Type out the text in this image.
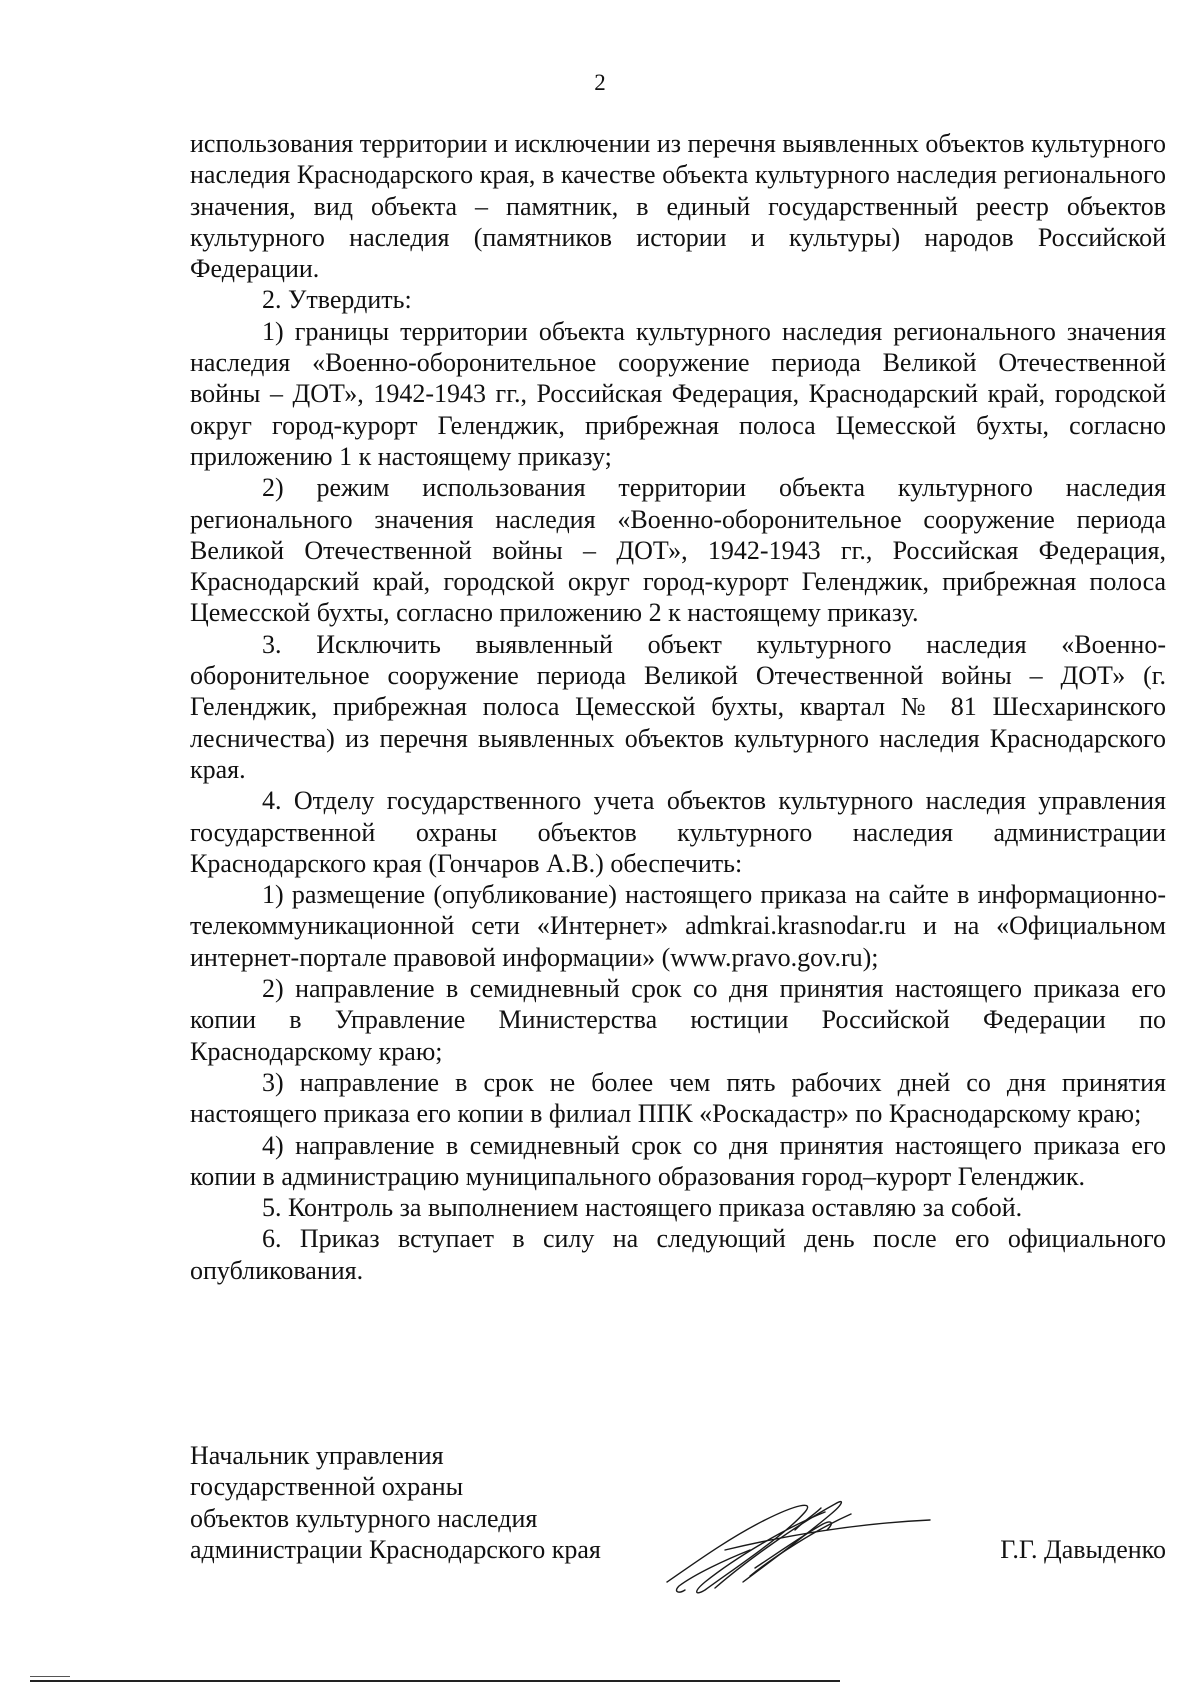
2

использования территории и исключении из перечня выявленных объектов культурного наследия Краснодарского края, в качестве объекта культурного наследия регионального значения, вид объекта – памятник, в единый государственный реестр объектов культурного наследия (памятников истории и культуры) народов Российской Федерации.

2. Утвердить:

1) границы территории объекта культурного наследия регионального значения наследия «Военно-оборонительное сооружение периода Великой Отечественной войны – ДОТ», 1942-1943 гг., Российская Федерация, Краснодарский край, городской округ город-курорт Геленджик, прибрежная полоса Цемесской бухты, согласно приложению 1 к настоящему приказу;

2) режим использования территории объекта культурного наследия регионального значения наследия «Военно-оборонительное сооружение периода Великой Отечественной войны – ДОТ», 1942-1943 гг., Российская Федерация, Краснодарский край, городской округ город-курорт Геленджик, прибрежная полоса Цемесской бухты, согласно приложению 2 к настоящему приказу.

3. Исключить выявленный объект культурного наследия «Военно-оборонительное сооружение периода Великой Отечественной войны – ДОТ» (г. Геленджик, прибрежная полоса Цемесской бухты, квартал № 81 Шесхаринского лесничества) из перечня выявленных объектов культурного наследия Краснодарского края.

4. Отделу государственного учета объектов культурного наследия управления государственной охраны объектов культурного наследия администрации Краснодарского края (Гончаров А.В.) обеспечить:

1) размещение (опубликование) настоящего приказа на сайте в информационно-телекоммуникационной сети «Интернет» admkrai.krasnodar.ru и на «Официальном интернет-портале правовой информации» (www.pravo.gov.ru);

2) направление в семидневный срок со дня принятия настоящего приказа его копии в Управление Министерства юстиции Российской Федерации по Краснодарскому краю;

3) направление в срок не более чем пять рабочих дней со дня принятия настоящего приказа его копии в филиал ППК «Роскадастр» по Краснодарскому краю;

4) направление в семидневный срок со дня принятия настоящего приказа его копии в администрацию муниципального образования город–курорт Геленджик.

5. Контроль за выполнением настоящего приказа оставляю за собой.

6. Приказ вступает в силу на следующий день после его официального опубликования.

Начальник управления
государственной охраны
объектов культурного наследия
администрации Краснодарского края	Г.Г. Давыденко
